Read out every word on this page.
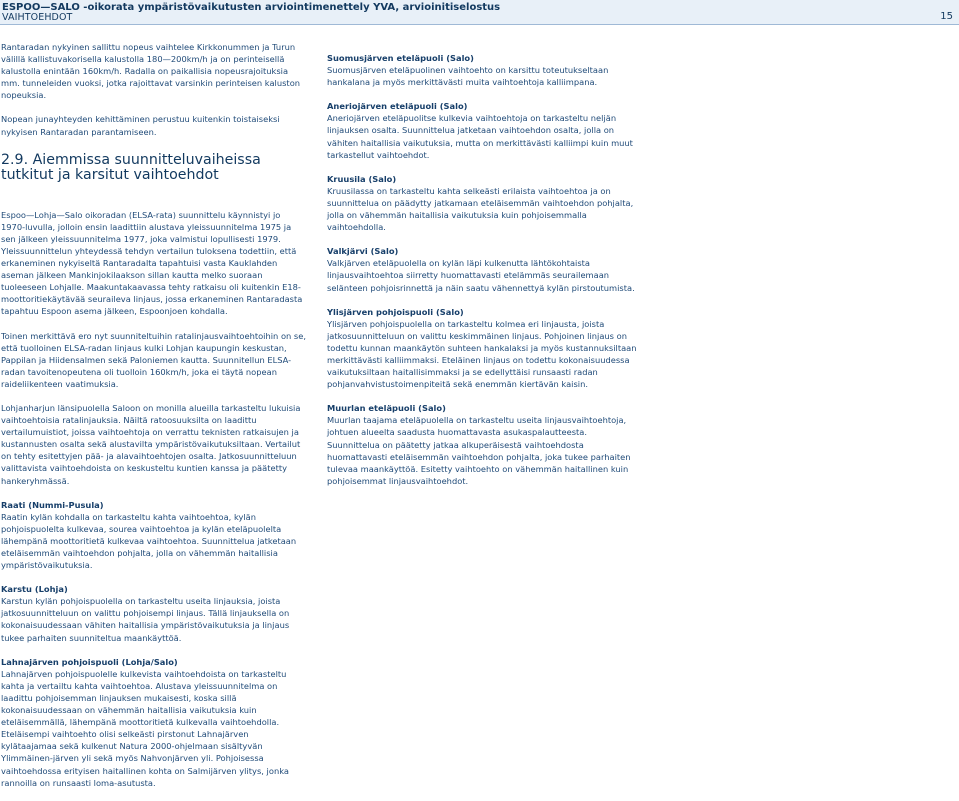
ESPOO—SALO -oikorata ympäristövaikutusten arviointimenettely YVA, arvioinitiselostus
VAIHTOEHDOT	15

Rantaradan nykyinen sallittu nopeus vaihtelee Kirkkonummen ja Turun välillä kallistuvakorisella kalustolla 180—200km/h ja on perinteisellä kalustolla enintään 160km/h. Radalla on paikallisia nopeusrajoituksia mm. tunneleiden vuoksi, jotka rajoittavat varsinkin perinteisen kaluston nopeuksia.

Nopean junayhteyden kehittäminen perustuu kuitenkin toistaiseksi nykyisen Rantaradan parantamiseen.

2.9. Aiemmissa suunnitteluvaiheissa tutkitut ja karsitut vaihtoehdot

Espoo—Lohja—Salo oikoradan (ELSA-rata) suunnittelu käynnistyi jo 1970-luvulla, jolloin ensin laadittiin alustava yleissuunnitelma 1975 ja sen jälkeen yleissuunnitelma 1977, joka valmistui lopullisesti 1979. Yleissuunnittelun yhteydessä tehdyn vertailun tuloksena todettiin, että erkaneminen nykyiseltä Rantaradalta tapahtuisi vasta Kauklahden aseman jälkeen Mankinjokilaakson sillan kautta melko suoraan tuoleeseen Lohjalle. Maakuntakaavassa tehty ratkaisu oli kuitenkin E18-moottoritiekäytävää seuraileva linjaus, jossa erkaneminen Rantaradasta tapahtuu Espoon asema jälkeen, Espoonjoen kohdalla.

Toinen merkittävä ero nyt suunniteltuihin ratalinjausvaihtoehtoihin on se, että tuolloinen ELSA-radan linjaus kulki Lohjan kaupungin keskustan, Pappilan ja Hiidensalmen sekä Paloniemen kautta. Suunnitellun ELSA-radan tavoitenopeutena oli tuolloin 160km/h, joka ei täytä nopean raideliikenteen vaatimuksia.

Lohjanharjun länsipuolella Saloon on monilla alueilla tarkasteltu lukuisia vaihtoehtoisia ratalinjauksia. Näiltä ratoosuuksilta on laadittu vertailumuistiot, joissa vaihtoehtoja on verrattu teknisten ratkaisujen ja kustannusten osalta sekä alustavilta ympäristövaikutuksiltaan. Vertailut on tehty esitettyjen pää- ja alavaihtoehtojen osalta. Jatkosuunnitteluun valittavista vaihtoehdoista on keskusteltu kuntien kanssa ja päätetty hankeryhmässä.

Raati (Nummi-Pusula)

Raatin kylän kohdalla on tarkasteltu kahta vaihtoehtoa, kylän pohjoispuolelta kulkevaa, sourea vaihtoehtoa ja kylän eteläpuolelta lähempänä moottoritietä kulkevaa vaihtoehtoa. Suunnittelua jatketaan eteläisemmän vaihtoehdon pohjalta, jolla on vähemmän haitallisia ympäristövaikutuksia.

Karstu (Lohja)

Karstun kylän pohjoispuolella on tarkasteltu useita linjauksia, joista jatkosuunnitteluun on valittu pohjoisempi linjaus. Tällä linjauksella on kokonaisuudessaan vähiten haitallisia ympäristövaikutuksia ja linjaus tukee parhaiten suunniteltua maankäyttöä.

Lahnajärven pohjoispuoli (Lohja/Salo)

Lahnajärven pohjoispuolelle kulkevista vaihtoehdoista on tarkasteltu kahta ja vertailtu kahta vaihtoehtoa. Alustava yleissuunnitelma on laadittu pohjoisemman linjauksen mukaisesti, koska sillä kokonaisuudessaan on vähemmän haitallisia vaikutuksia kuin eteläisemmällä, lähempänä moottoritietä kulkevalla vaihtoehdolla. Eteläisempi vaihtoehto olisi selkeästi pirstonut Lahnajärven kylätaajamaa sekä kulkenut Natura 2000-ohjelmaan sisältyvän Ylimmäinen-järven yli sekä myös Nahvonjärven yli. Pohjoisessa vaihtoehdossa erityisen haitallinen kohta on Salmijärven ylitys, jonka rannoilla on runsaasti loma-asutusta.

Suomusjärven eteläpuoli (Salo)

Suomusjärven eteläpuolinen vaihtoehto on karsittu toteutukseltaan hankalana ja myös merkittävästi muita vaihtoehtoja kalliimpana.

Aneriojärven eteläpuoli (Salo)

Aneriojärven eteläpuolitse kulkevia vaihtoehtoja on tarkasteltu neljän linjauksen osalta. Suunnittelua jatketaan vaihtoehdon osalta, jolla on vähiten haitallisia vaikutuksia, mutta on merkittävästi kalliimpi kuin muut tarkastellut vaihtoehdot.

Kruusila (Salo)

Kruusilassa on tarkasteltu kahta selkeästi erilaista vaihtoehtoa ja on suunnittelua on päädytty jatkamaan eteläisemmän vaihtoehdon pohjalta, jolla on vähemmän haitallisia vaikutuksia kuin pohjoisemmalla vaihtoehdolla.

Valkjärvi (Salo)

Valkjärven eteläpuolella on kylän läpi kulkenutta lähtökohtaista linjausvaihtoehtoa siirretty huomattavasti etelämmäs seurailemaan selänteen pohjoisrinnettä ja näin saatu vähennettyä kylän pirstoutumista.

Ylisjärven pohjoispuoli (Salo)

Ylisjärven pohjoispuolella on tarkasteltu kolmea eri linjausta, joista jatkosuunnitteluun on valittu keskimmäinen linjaus. Pohjoinen linjaus on todettu kunnan maankäytön suhteen hankalaksi ja myös kustannuksiltaan merkittävästi kalliimmaksi. Eteläinen linjaus on todettu kokonaisuudessa vaikutuksiltaan haitallisimmaksi ja se edellyttäisi runsaasti radan pohjanvahvistustoimenpiteitä sekä enemmän kiertävän kaisin.

Muurlan eteläpuoli (Salo)

Muurlan taajama eteläpuolella on tarkasteltu useita linjausvaihtoehtoja, johtuen alueelta saadusta huomattavasta asukaspalautteesta. Suunnittelua on päätetty jatkaa alkuperäisestä vaihtoehdosta huomattavasti eteläisemmän vaihtoehdon pohjalta, joka tukee parhaiten tulevaa maankäyttöä. Esitetty vaihtoehto on vähemmän haitallinen kuin pohjoisemmat linjausvaihtoehdot.
